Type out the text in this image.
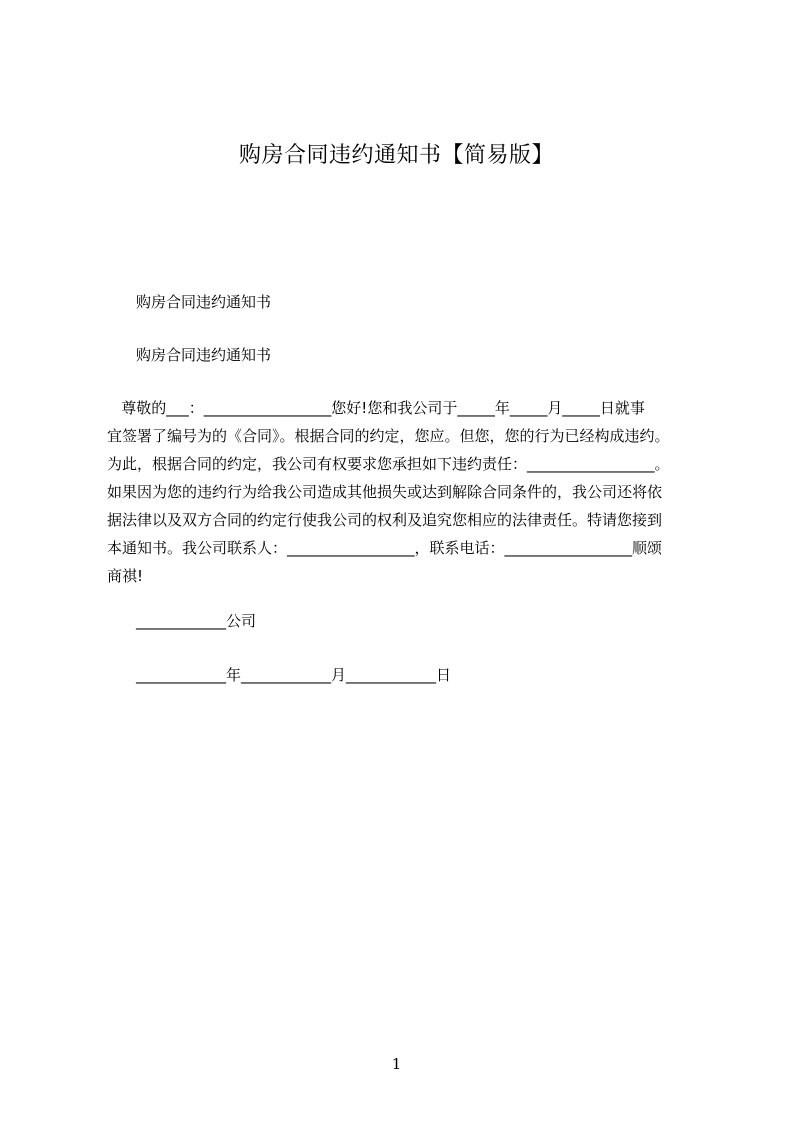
购房合同违约通知书【简易版】
购房合同违约通知书
购房合同违约通知书
尊敬的___：_________________您好!您和我公司于_____年_____月_____日就事
宜签署了编号为的《合同》。根据合同的约定，您应。但您，您的行为已经构成违约。
为此，根据合同的约定，我公司有权要求您承担如下违约责任：_________________。
如果因为您的违约行为给我公司造成其他损失或达到解除合同条件的，我公司还将依
据法律以及双方合同的约定行使我公司的权利及追究您相应的法律责任。特请您接到
本通知书。我公司联系人：_________________，联系电话：_________________顺颂
商祺!
____________公司
____________年____________月____________日
1
